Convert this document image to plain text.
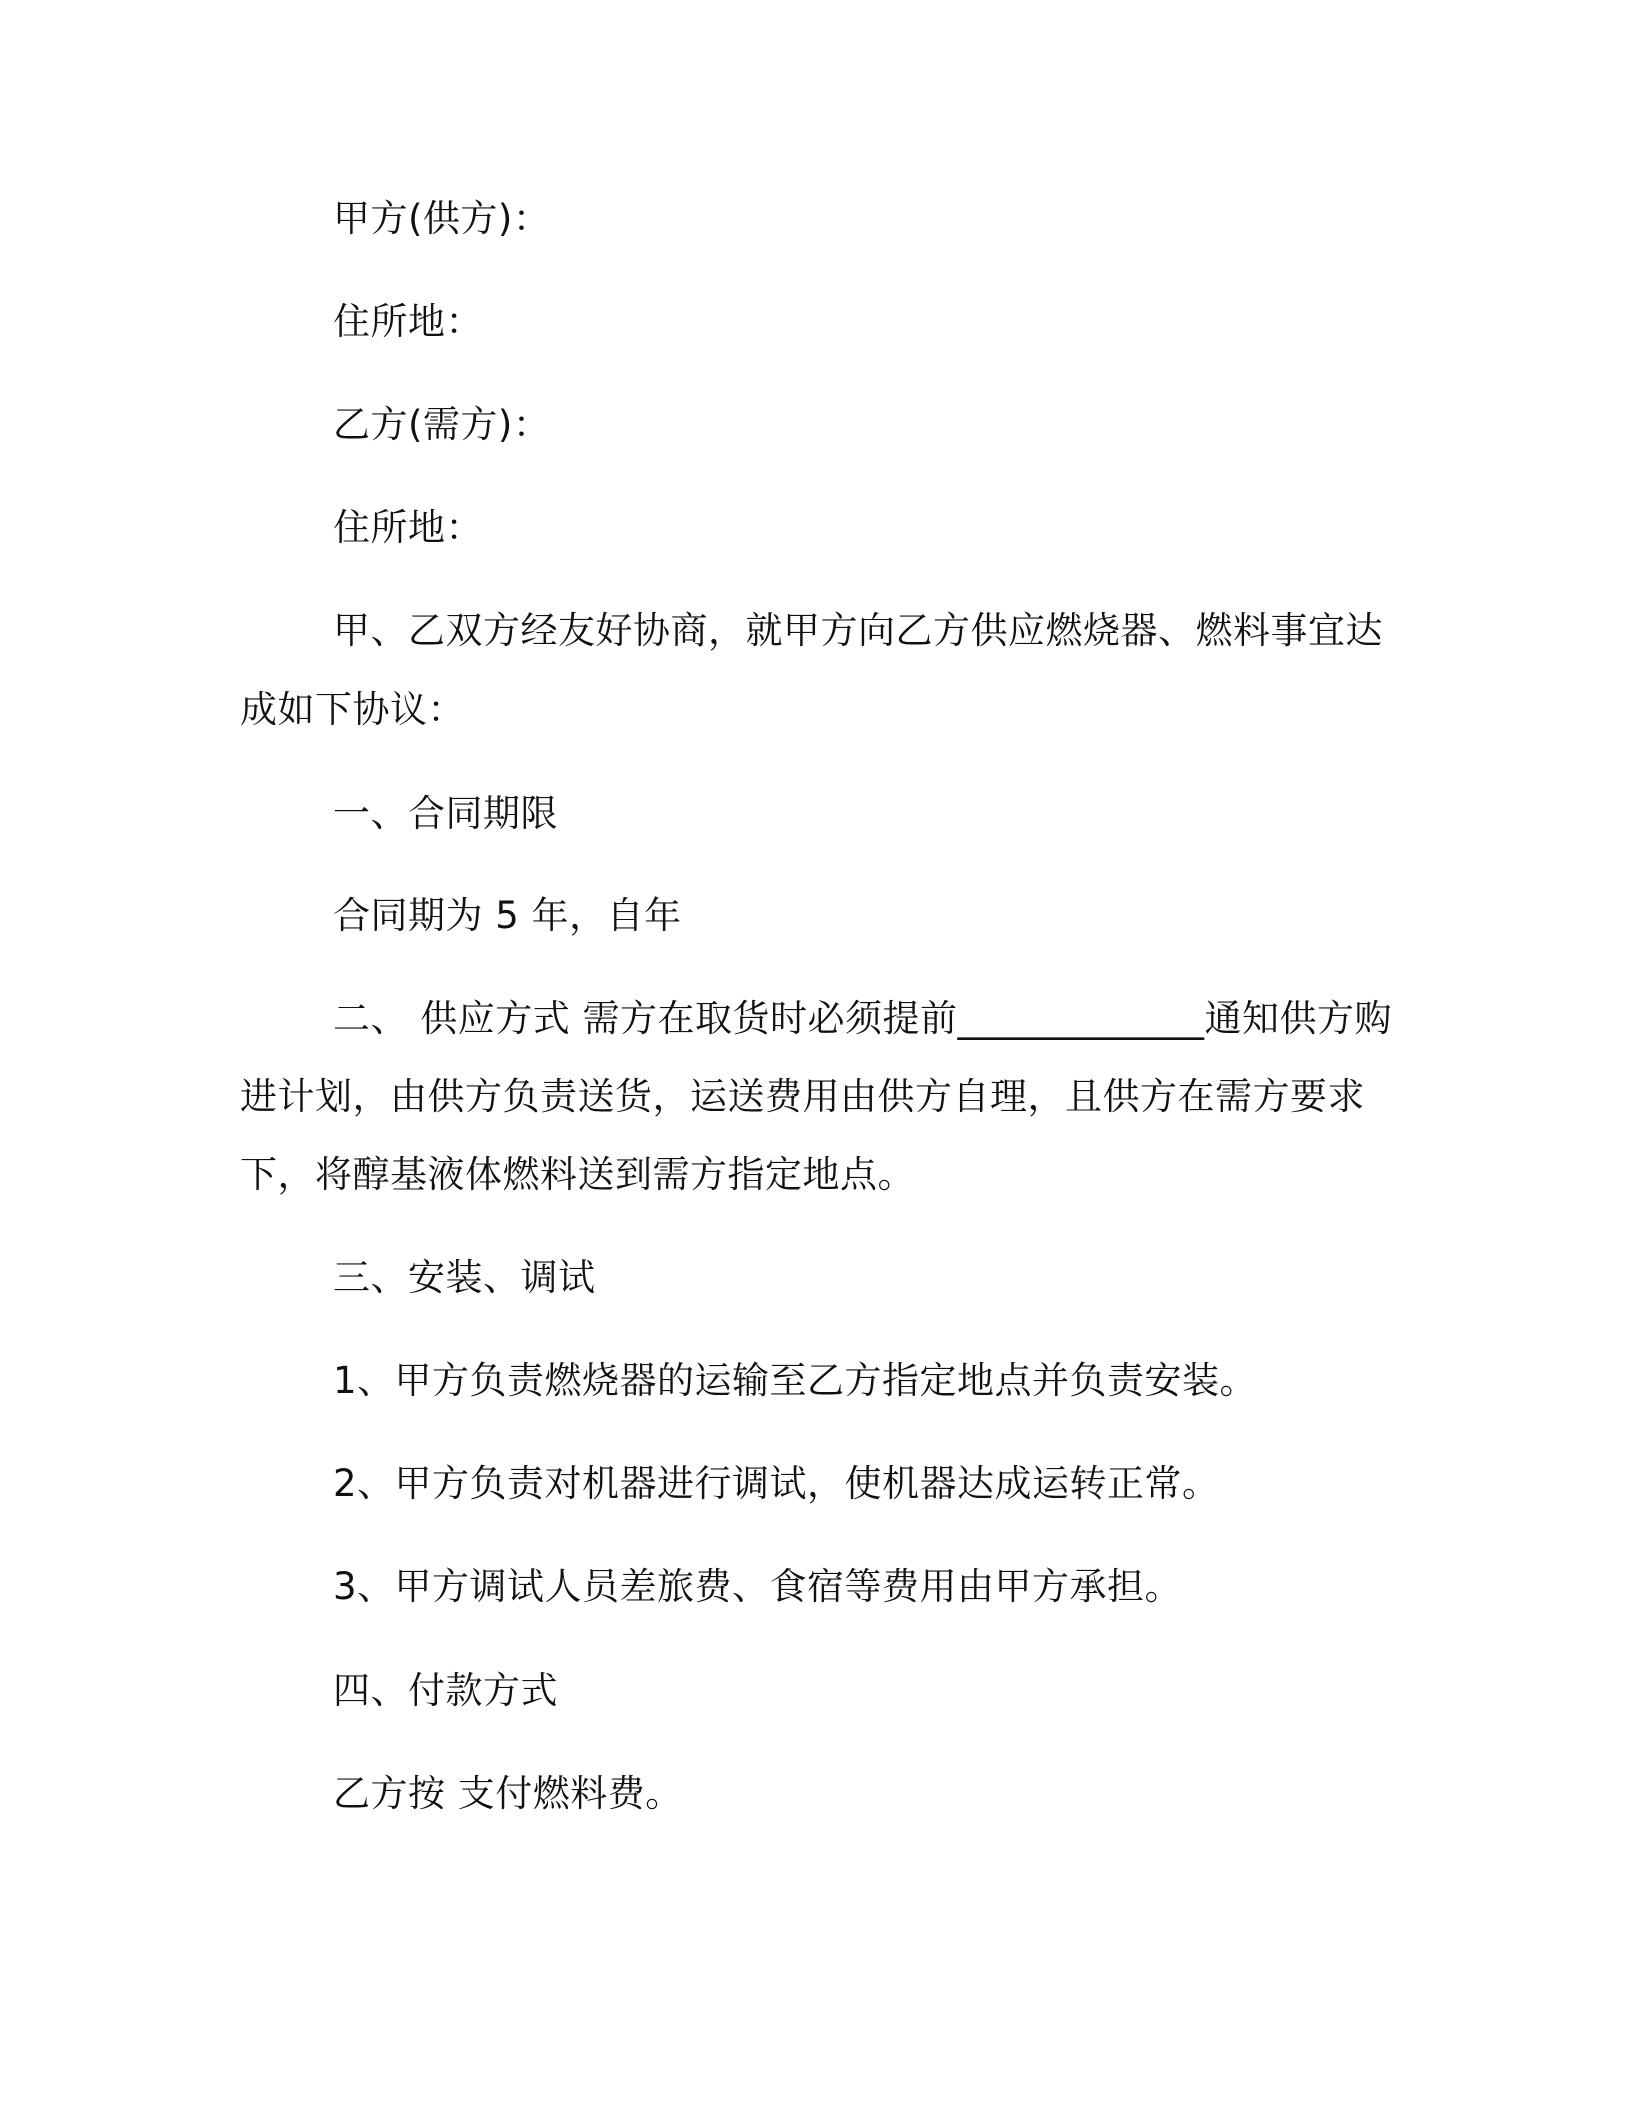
甲方(供方)：
住所地：
乙方(需方)：
住所地：
甲、乙双方经友好协商，就甲方向乙方供应燃烧器、燃料事宜达
成如下协议：
一、合同期限
合同期为 5 年，自年
二、 供应方式 需方在取货时必须提前_____________通知供方购
进计划，由供方负责送货，运送费用由供方自理，且供方在需方要求
下，将醇基液体燃料送到需方指定地点。
三、安装、调试
1、甲方负责燃烧器的运输至乙方指定地点并负责安装。
2、甲方负责对机器进行调试，使机器达成运转正常。
3、甲方调试人员差旅费、食宿等费用由甲方承担。
四、付款方式
乙方按 支付燃料费。
